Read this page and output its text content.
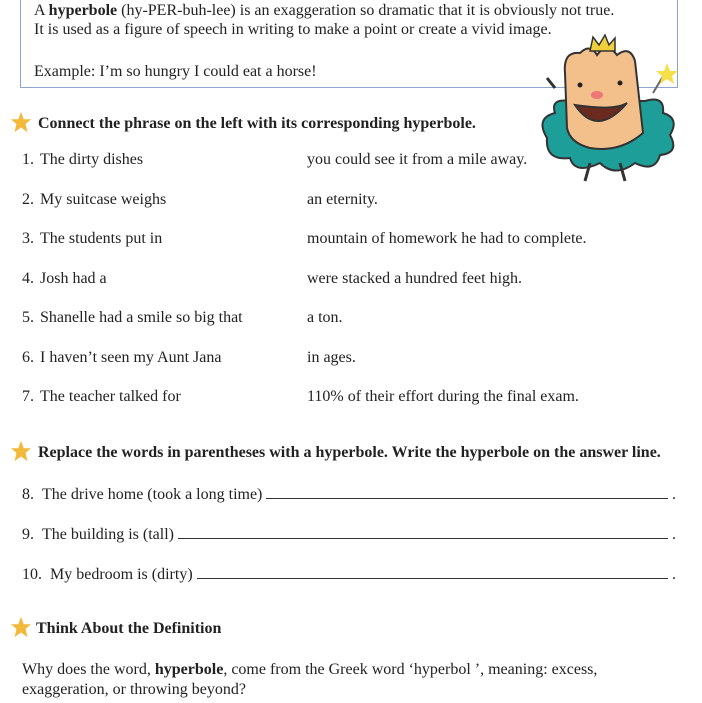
A hyperbole (hy-PER-buh-lee) is an exaggeration so dramatic that it is obviously not true.
It is used as a figure of speech in writing to make a point or create a vivid image.
Example: I’m so hungry I could eat a horse!
Connect the phrase on the left with its corresponding hyperbole.
1. The dirty dishes	you could see it from a mile away.
2. My suitcase weighs	an eternity.
3. The students put in	mountain of homework he had to complete.
4. Josh had a	were stacked a hundred feet high.
5. Shanelle had a smile so big that	a ton.
6. I haven’t seen my Aunt Jana	in ages.
7. The teacher talked for	110% of their effort during the final exam.
Replace the words in parentheses with a hyperbole. Write the hyperbole on the answer line.
8.
The drive home (took a long time)	.
9.
The building is (tall)	.
10.
My bedroom is (dirty)	.
Think About the Definition
Why does the word, hyperbole, come from the Greek word ‘hyperbol ’, meaning: excess,
exaggeration, or throwing beyond?
